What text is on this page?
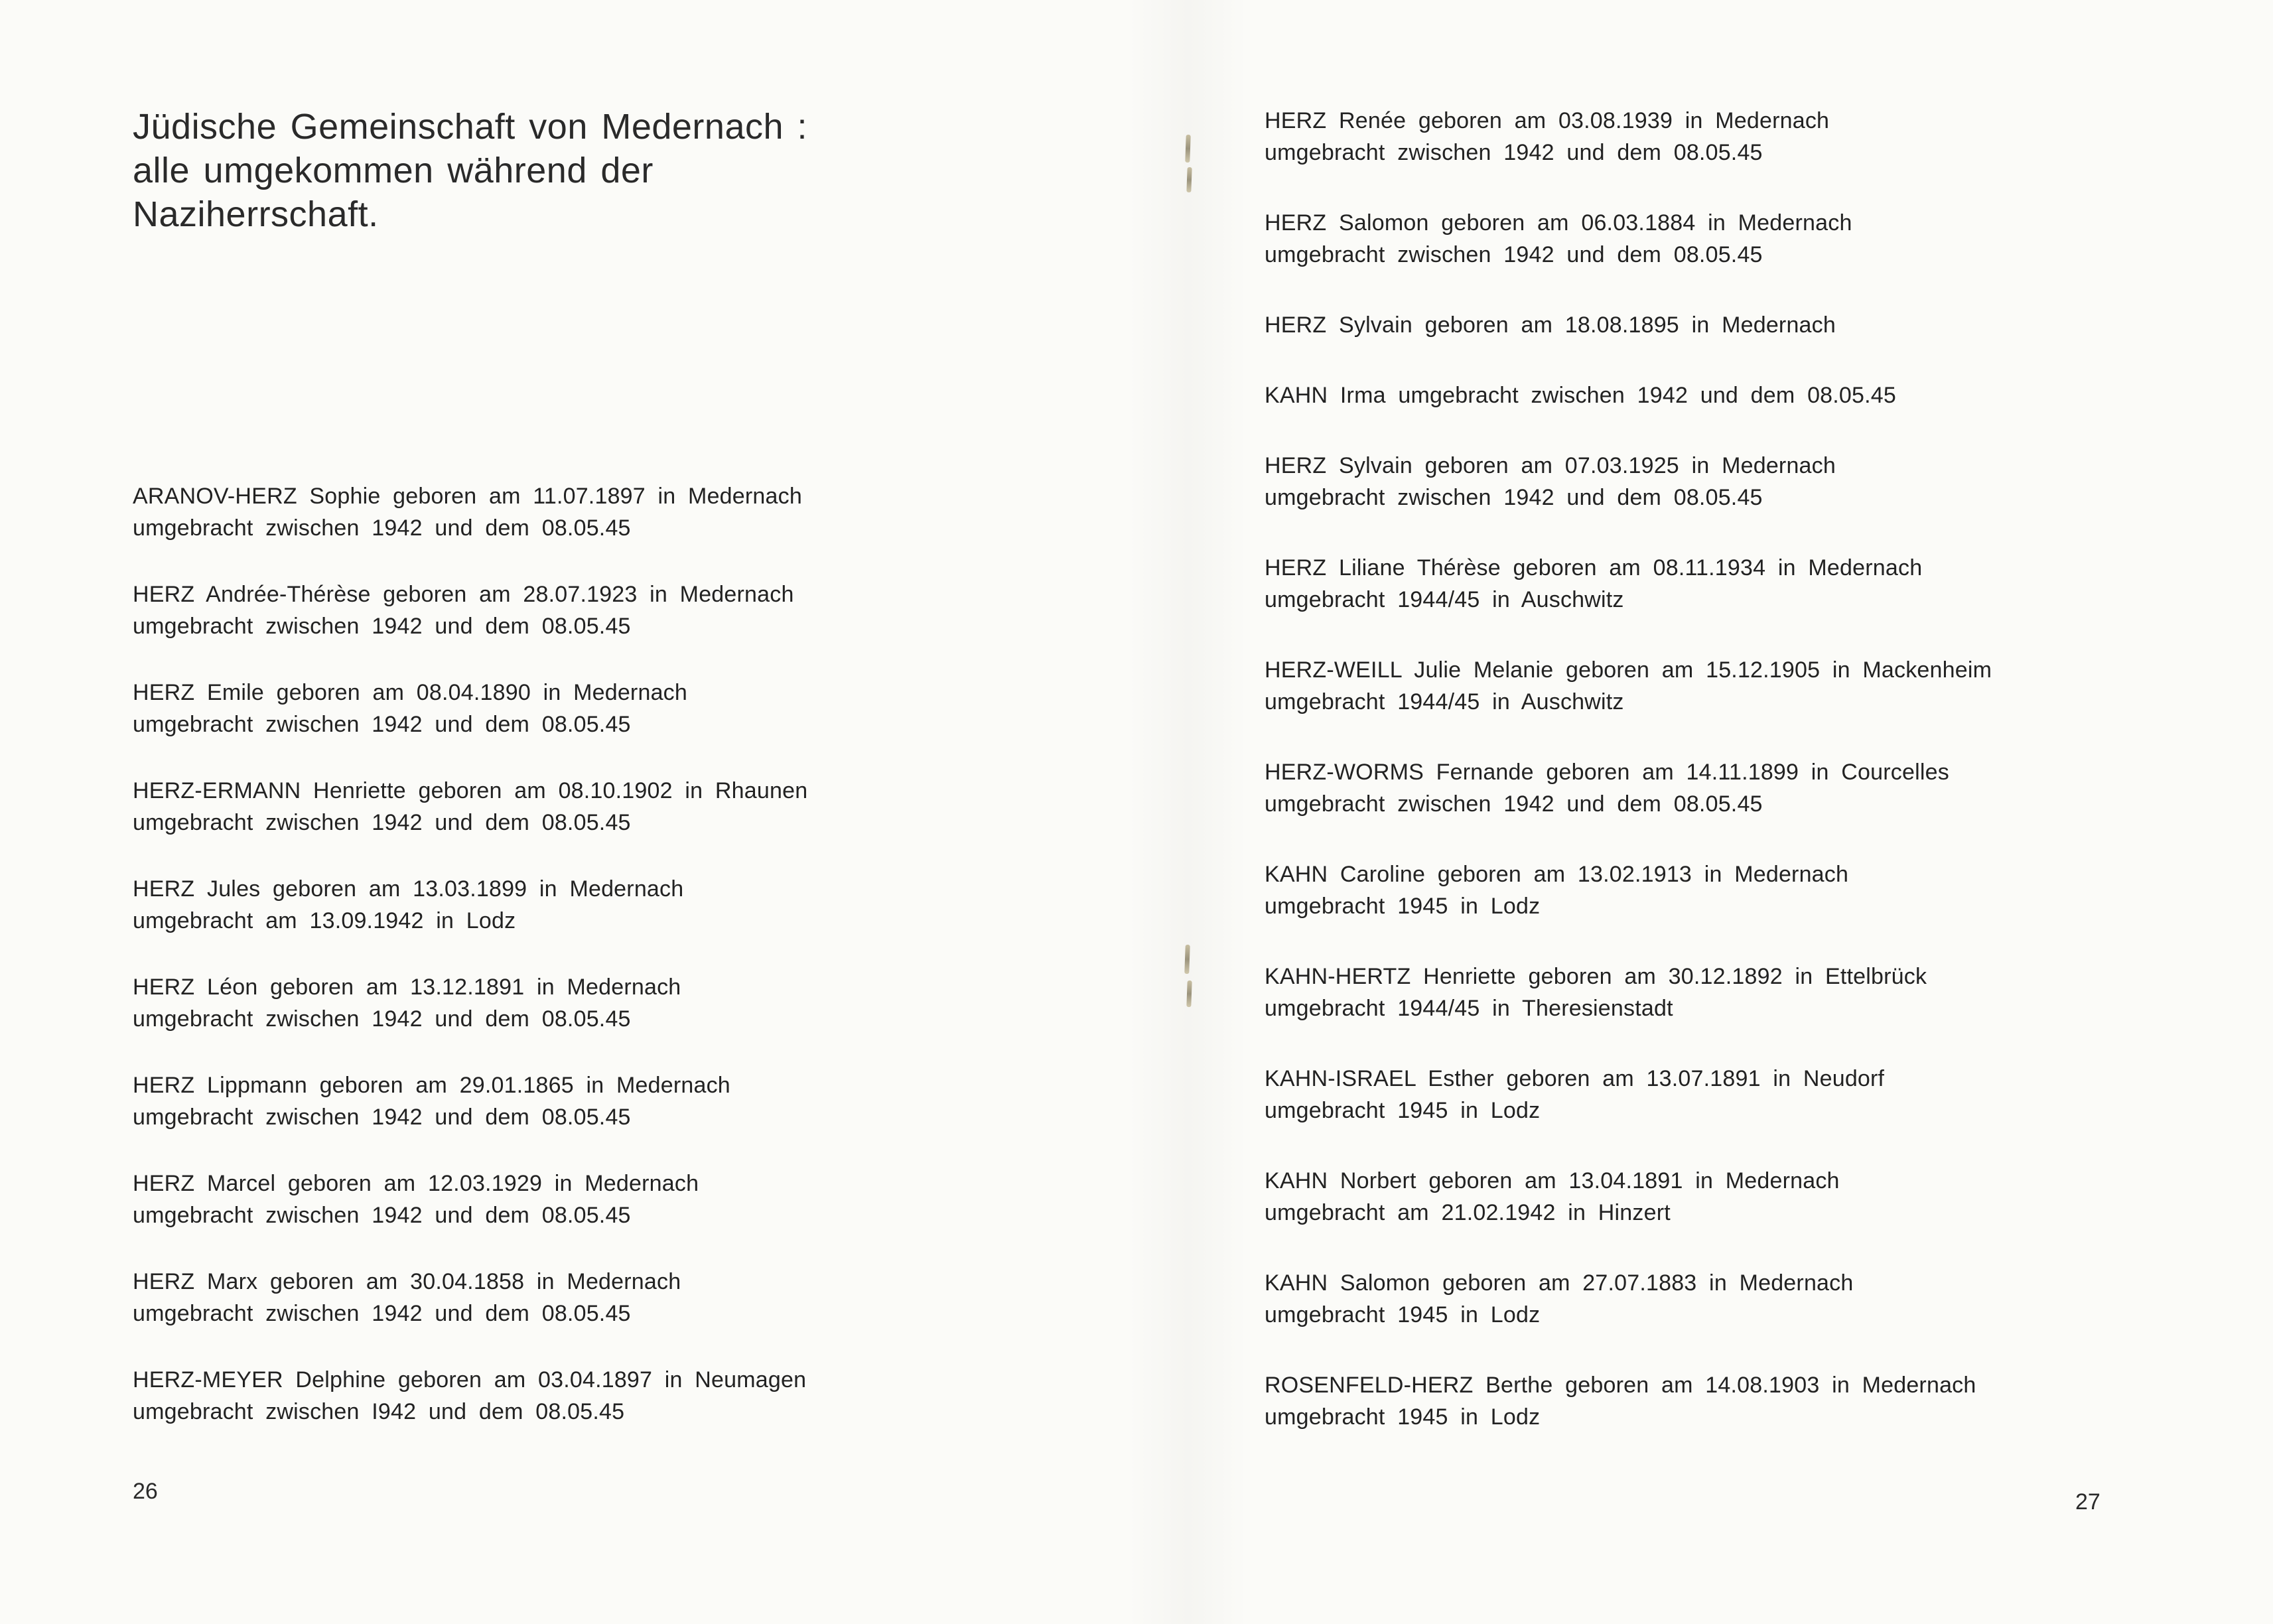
Jüdische Gemeinschaft von Medernach :
alle umgekommen während der
Naziherrschaft.
ARANOV-HERZ Sophie geboren am 11.07.1897 in Medernach
umgebracht zwischen 1942 und dem 08.05.45
HERZ Andrée-Thérèse geboren am 28.07.1923 in Medernach
umgebracht zwischen 1942 und dem 08.05.45
HERZ Emile geboren am 08.04.1890 in Medernach
umgebracht zwischen 1942 und dem 08.05.45
HERZ-ERMANN Henriette geboren am 08.10.1902 in Rhaunen
umgebracht zwischen 1942 und dem 08.05.45
HERZ Jules geboren am 13.03.1899 in Medernach
umgebracht am 13.09.1942 in Lodz
HERZ Léon geboren am 13.12.1891 in Medernach
umgebracht zwischen 1942 und dem 08.05.45
HERZ Lippmann geboren am 29.01.1865 in Medernach
umgebracht zwischen 1942 und dem 08.05.45
HERZ Marcel geboren am 12.03.1929 in Medernach
umgebracht zwischen 1942 und dem 08.05.45
HERZ Marx geboren am 30.04.1858 in Medernach
umgebracht zwischen 1942 und dem 08.05.45
HERZ-MEYER Delphine geboren am 03.04.1897 in Neumagen
umgebracht zwischen I942 und dem 08.05.45
26
HERZ Renée geboren am 03.08.1939 in Medernach
umgebracht zwischen 1942 und dem 08.05.45
HERZ Salomon geboren am 06.03.1884 in Medernach
umgebracht zwischen 1942 und dem 08.05.45
HERZ Sylvain geboren am 18.08.1895 in Medernach
KAHN Irma umgebracht zwischen 1942 und dem 08.05.45
HERZ Sylvain geboren am 07.03.1925 in Medernach
umgebracht zwischen 1942 und dem 08.05.45
HERZ Liliane Thérèse geboren am 08.11.1934 in Medernach
umgebracht 1944/45 in Auschwitz
HERZ-WEILL Julie Melanie geboren am 15.12.1905 in Mackenheim
umgebracht 1944/45 in Auschwitz
HERZ-WORMS Fernande geboren am 14.11.1899 in Courcelles
umgebracht zwischen 1942 und dem 08.05.45
KAHN Caroline geboren am 13.02.1913 in Medernach
umgebracht 1945 in Lodz
KAHN-HERTZ Henriette geboren am 30.12.1892 in Ettelbrück
umgebracht 1944/45 in Theresienstadt
KAHN-ISRAEL Esther geboren am 13.07.1891 in Neudorf
umgebracht 1945 in Lodz
KAHN Norbert geboren am 13.04.1891 in Medernach
umgebracht am 21.02.1942 in Hinzert
KAHN Salomon geboren am 27.07.1883 in Medernach
umgebracht 1945 in Lodz
ROSENFELD-HERZ Berthe geboren am 14.08.1903 in Medernach
umgebracht 1945 in Lodz
27
